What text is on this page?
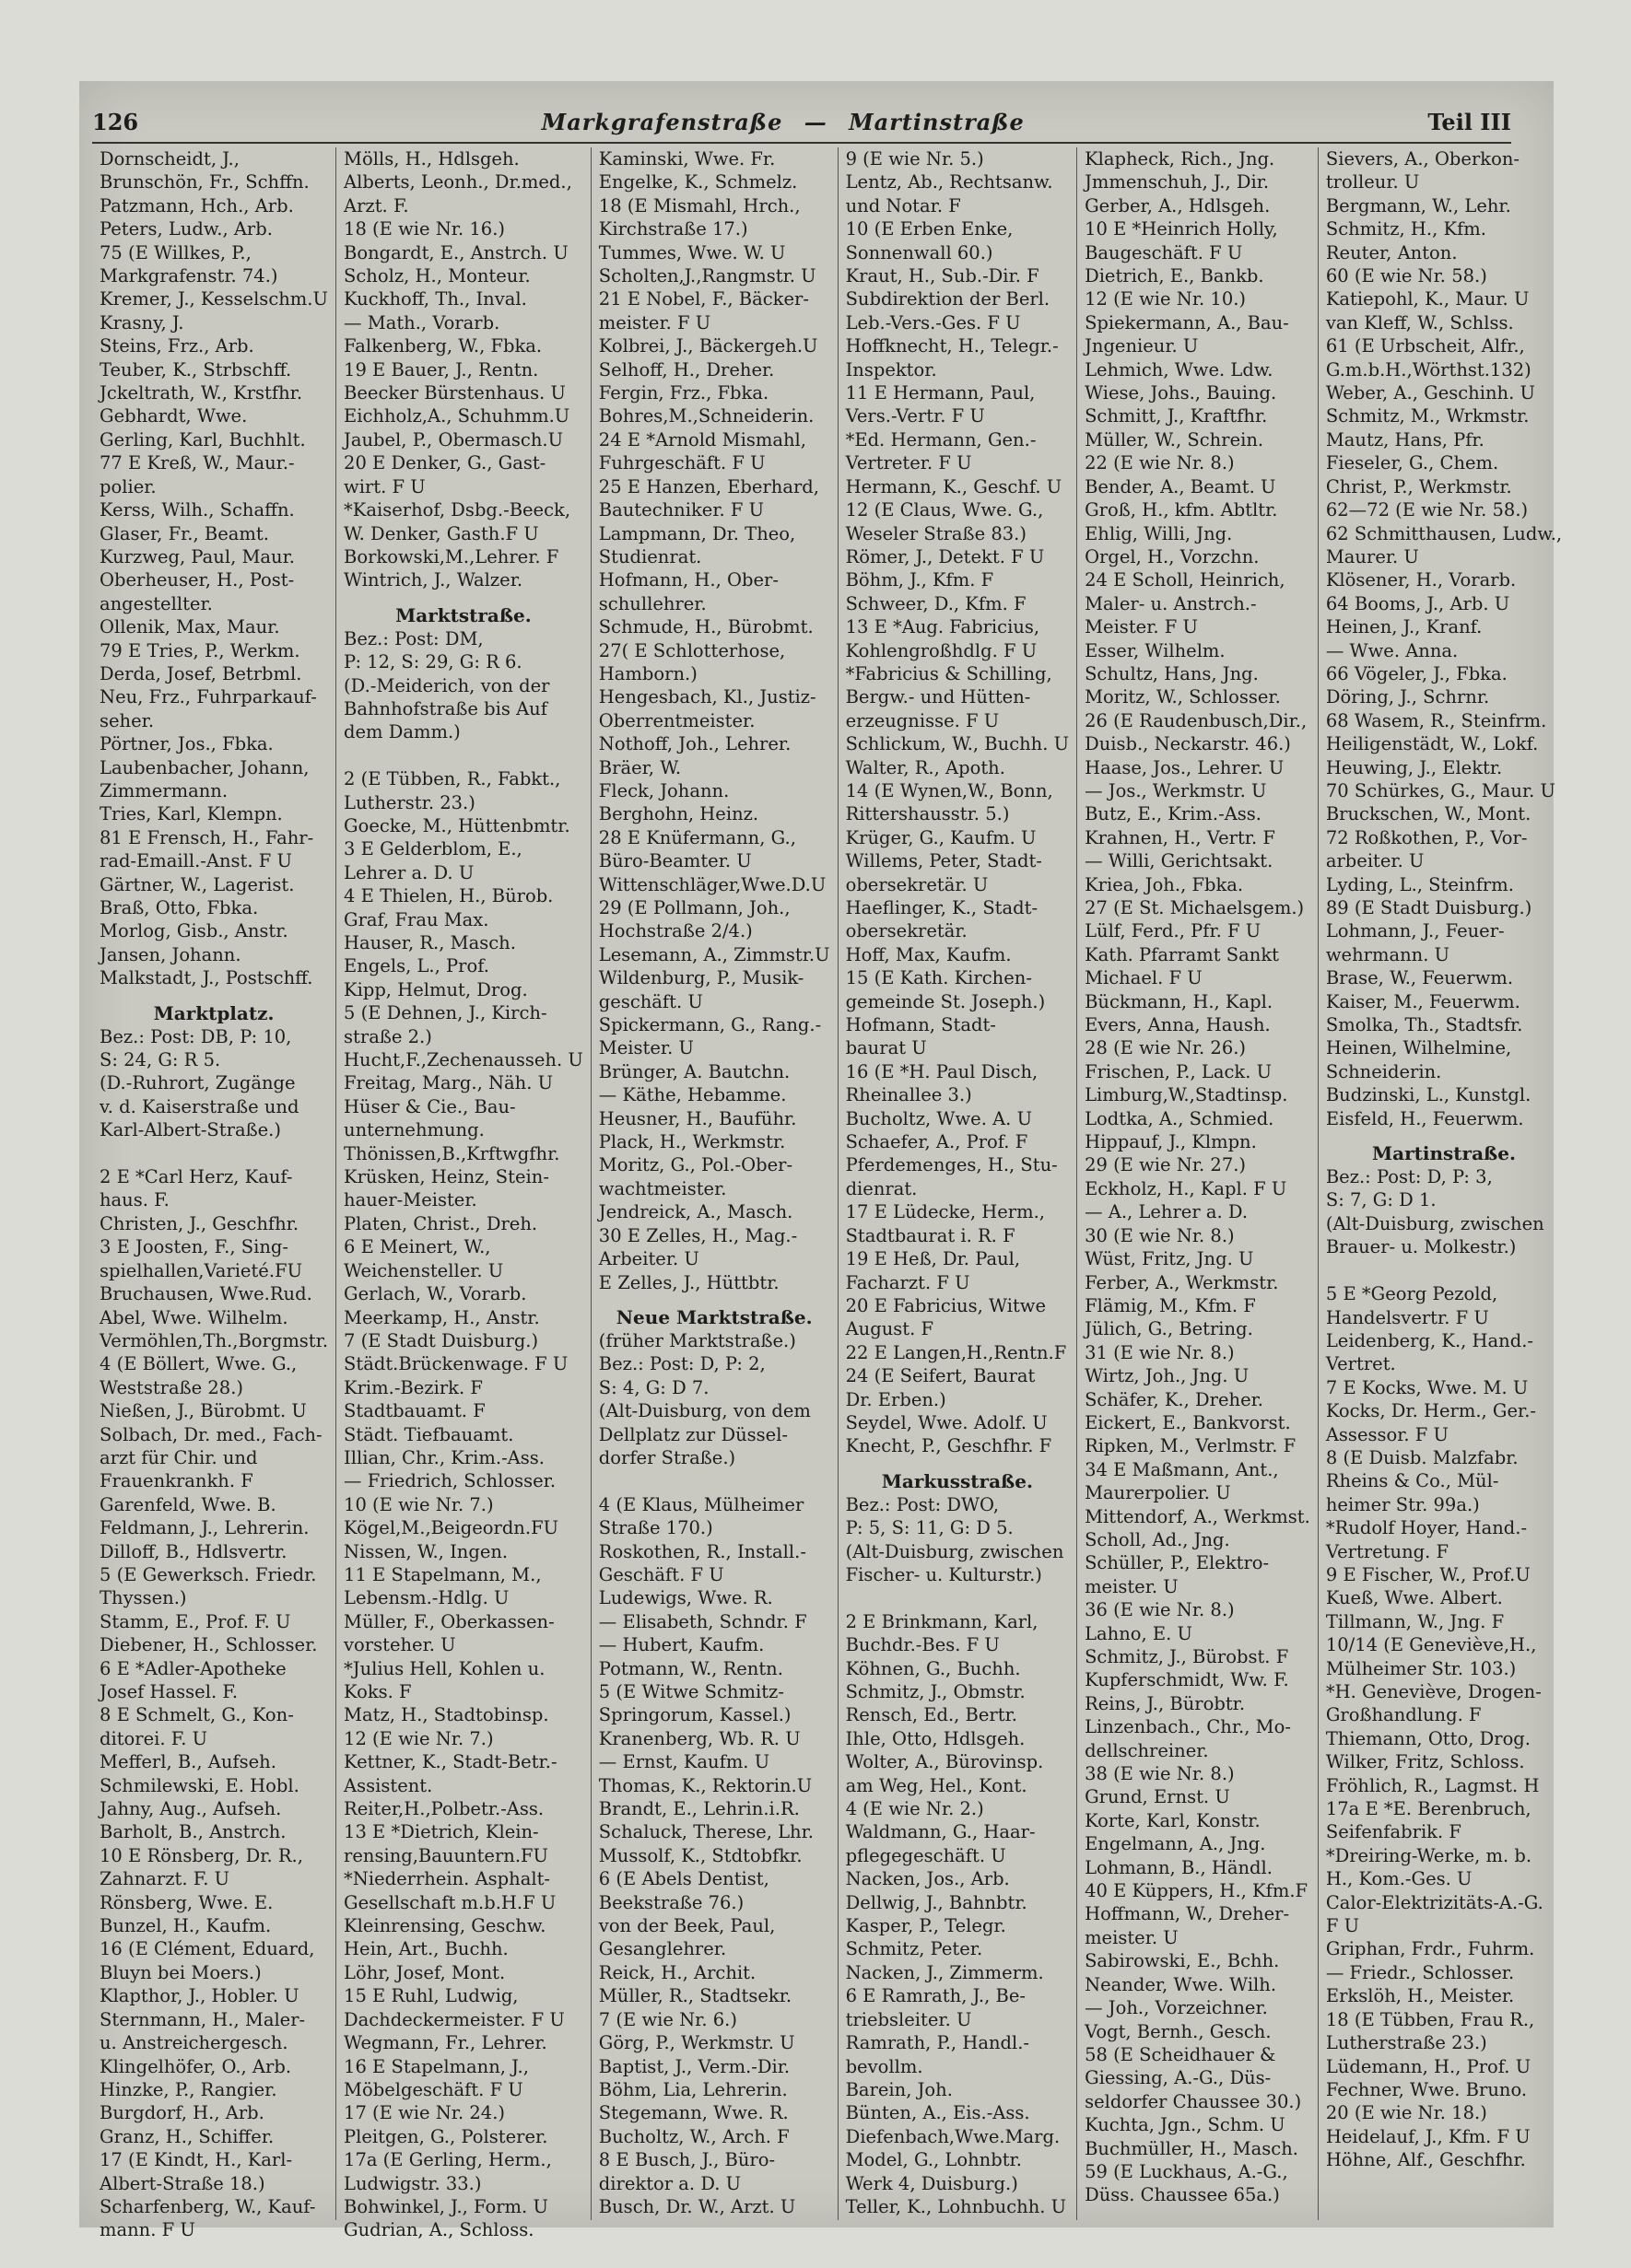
126	Markgrafenstraße — Martinstraße	Teil III
Dornscheidt, J.,
Brunschön, Fr., Schffn.
Patzmann, Hch., Arb.
Peters, Ludw., Arb.
75 (E Willkes, P.,
Markgrafenstr. 74.)
Kremer, J., Kesselschm.U
Krasny, J.
Steins, Frz., Arb.
Teuber, K., Strbschff.
Jckeltrath, W., Krstfhr.
Gebhardt, Wwe.
Gerling, Karl, Buchhlt.
77 E Kreß, W., Maur.-
polier.
Kerss, Wilh., Schaffn.
Glaser, Fr., Beamt.
Kurzweg, Paul, Maur.
Oberheuser, H., Post-
angestellter.
Ollenik, Max, Maur.
79 E Tries, P., Werkm.
Derda, Josef, Betrbml.
Neu, Frz., Fuhrparkauf-
seher.
Pörtner, Jos., Fbka.
Laubenbacher, Johann,
Zimmermann.
Tries, Karl, Klempn.
81 E Frensch, H., Fahr-
rad-Emaill.-Anst. F U
Gärtner, W., Lagerist.
Braß, Otto, Fbka.
Morlog, Gisb., Anstr.
Jansen, Johann.
Malkstadt, J., Postschff.
Marktplatz.
Bez.: Post: DB, P: 10,
S: 24, G: R 5.
(D.-Ruhrort, Zugänge
v. d. Kaiserstraße und
Karl-Albert-Straße.)

2 E *Carl Herz, Kauf-
haus. F.
Christen, J., Geschfhr.
3 E Joosten, F., Sing-
spielhallen,Varieté.FU
Bruchausen, Wwe.Rud.
Abel, Wwe. Wilhelm.
Vermöhlen,Th.,Borgmstr.
4 (E Böllert, Wwe. G.,
Weststraße 28.)
Nießen, J., Bürobmt. U
Solbach, Dr. med., Fach-
arzt für Chir. und
Frauenkrankh. F
Garenfeld, Wwe. B.
Feldmann, J., Lehrerin.
Dilloff, B., Hdlsvertr.
5 (E Gewerksch. Friedr.
Thyssen.)
Stamm, E., Prof. F. U
Diebener, H., Schlosser.
6 E *Adler-Apotheke
Josef Hassel. F.
8 E Schmelt, G., Kon-
ditorei. F. U
Mefferl, B., Aufseh.
Schmilewski, E. Hobl.
Jahny, Aug., Aufseh.
Barholt, B., Anstrch.
10 E Rönsberg, Dr. R.,
Zahnarzt. F. U
Rönsberg, Wwe. E.
Bunzel, H., Kaufm.
16 (E Clément, Eduard,
Bluyn bei Moers.)
Klapthor, J., Hobler. U
Sternmann, H., Maler-
u. Anstreichergesch.
Klingelhöfer, O., Arb.
Hinzke, P., Rangier.
Burgdorf, H., Arb.
Granz, H., Schiffer.
17 (E Kindt, H., Karl-
Albert-Straße 18.)
Scharfenberg, W., Kauf-
mann. F U
Mölls, H., Hdlsgeh.
Alberts, Leonh., Dr.med.,
Arzt. F.
18 (E wie Nr. 16.)
Bongardt, E., Anstrch. U
Scholz, H., Monteur.
Kuckhoff, Th., Inval.
— Math., Vorarb.
Falkenberg, W., Fbka.
19 E Bauer, J., Rentn.
Beecker Bürstenhaus. U
Eichholz,A., Schuhmm.U
Jaubel, P., Obermasch.U
20 E Denker, G., Gast-
wirt. F U
*Kaiserhof, Dsbg.-Beeck,
W. Denker, Gasth.F U
Borkowski,M.,Lehrer. F
Wintrich, J., Walzer.
Marktstraße.
Bez.: Post: DM,
P: 12, S: 29, G: R 6.
(D.-Meiderich, von der
Bahnhofstraße bis Auf
dem Damm.)

2 (E Tübben, R., Fabkt.,
Lutherstr. 23.)
Goecke, M., Hüttenbmtr.
3 E Gelderblom, E.,
Lehrer a. D. U
4 E Thielen, H., Bürob.
Graf, Frau Max.
Hauser, R., Masch.
Engels, L., Prof.
Kipp, Helmut, Drog.
5 (E Dehnen, J., Kirch-
straße 2.)
Hucht,F.,Zechenausseh. U
Freitag, Marg., Näh. U
Hüser & Cie., Bau-
unternehmung.
Thönissen,B.,Krftwgfhr.
Krüsken, Heinz, Stein-
hauer-Meister.
Platen, Christ., Dreh.
6 E Meinert, W.,
Weichensteller. U
Gerlach, W., Vorarb.
Meerkamp, H., Anstr.
7 (E Stadt Duisburg.)
Städt.Brückenwage. F U
Krim.-Bezirk. F
Stadtbauamt. F
Städt. Tiefbauamt.
Illian, Chr., Krim.-Ass.
— Friedrich, Schlosser.
10 (E wie Nr. 7.)
Kögel,M.,Beigeordn.FU
Nissen, W., Ingen.
11 E Stapelmann, M.,
Lebensm.-Hdlg. U
Müller, F., Oberkassen-
vorsteher. U
*Julius Hell, Kohlen u.
Koks. F
Matz, H., Stadtobinsp.
12 (E wie Nr. 7.)
Kettner, K., Stadt-Betr.-
Assistent.
Reiter,H.,Polbetr.-Ass.
13 E *Dietrich, Klein-
rensing,Bauuntern.FU
*Niederrhein. Asphalt-
Gesellschaft m.b.H.F U
Kleinrensing, Geschw.
Hein, Art., Buchh.
Löhr, Josef, Mont.
15 E Ruhl, Ludwig,
Dachdeckermeister. F U
Wegmann, Fr., Lehrer.
16 E Stapelmann, J.,
Möbelgeschäft. F U
17 (E wie Nr. 24.)
Pleitgen, G., Polsterer.
17a (E Gerling, Herm.,
Ludwigstr. 33.)
Bohwinkel, J., Form. U
Gudrian, A., Schloss.
Kaminski, Wwe. Fr.
Engelke, K., Schmelz.
18 (E Mismahl, Hrch.,
Kirchstraße 17.)
Tummes, Wwe. W. U
Scholten,J.,Rangmstr. U
21 E Nobel, F., Bäcker-
meister. F U
Kolbrei, J., Bäckergeh.U
Selhoff, H., Dreher.
Fergin, Frz., Fbka.
Bohres,M.,Schneiderin.
24 E *Arnold Mismahl,
Fuhrgeschäft. F U
25 E Hanzen, Eberhard,
Bautechniker. F U
Lampmann, Dr. Theo,
Studienrat.
Hofmann, H., Ober-
schullehrer.
Schmude, H., Bürobmt.
27( E Schlotterhose,
Hamborn.)
Hengesbach, Kl., Justiz-
Oberrentmeister.
Nothoff, Joh., Lehrer.
Bräer, W.
Fleck, Johann.
Berghohn, Heinz.
28 E Knüfermann, G.,
Büro-Beamter. U
Wittenschläger,Wwe.D.U
29 (E Pollmann, Joh.,
Hochstraße 2/4.)
Lesemann, A., Zimmstr.U
Wildenburg, P., Musik-
geschäft. U
Spickermann, G., Rang.-
Meister. U
Brünger, A. Bautchn.
— Käthe, Hebamme.
Heusner, H., Bauführ.
Plack, H., Werkmstr.
Moritz, G., Pol.-Ober-
wachtmeister.
Jendreick, A., Masch.
30 E Zelles, H., Mag.-
Arbeiter. U
E Zelles, J., Hüttbtr.
Neue Marktstraße.
(früher Marktstraße.)
Bez.: Post: D, P: 2,
S: 4, G: D 7.
(Alt-Duisburg, von dem
Dellplatz zur Düssel-
dorfer Straße.)

4 (E Klaus, Mülheimer
Straße 170.)
Roskothen, R., Install.-
Geschäft. F U
Ludewigs, Wwe. R.
— Elisabeth, Schndr. F
— Hubert, Kaufm.
Potmann, W., Rentn.
5 (E Witwe Schmitz-
Springorum, Kassel.)
Kranenberg, Wb. R. U
— Ernst, Kaufm. U
Thomas, K., Rektorin.U
Brandt, E., Lehrin.i.R.
Schaluck, Therese, Lhr.
Mussolf, K., Stdtobfkr.
6 (E Abels Dentist,
Beekstraße 76.)
von der Beek, Paul,
Gesanglehrer.
Reick, H., Archit.
Müller, R., Stadtsekr.
7 (E wie Nr. 6.)
Görg, P., Werkmstr. U
Baptist, J., Verm.-Dir.
Böhm, Lia, Lehrerin.
Stegemann, Wwe. R.
Bucholtz, W., Arch. F
8 E Busch, J., Büro-
direktor a. D. U
Busch, Dr. W., Arzt. U
9 (E wie Nr. 5.)
Lentz, Ab., Rechtsanw.
und Notar. F
10 (E Erben Enke,
Sonnenwall 60.)
Kraut, H., Sub.-Dir. F
Subdirektion der Berl.
Leb.-Vers.-Ges. F U
Hoffknecht, H., Telegr.-
Inspektor.
11 E Hermann, Paul,
Vers.-Vertr. F U
*Ed. Hermann, Gen.-
Vertreter. F U
Hermann, K., Geschf. U
12 (E Claus, Wwe. G.,
Weseler Straße 83.)
Römer, J., Detekt. F U
Böhm, J., Kfm. F
Schweer, D., Kfm. F
13 E *Aug. Fabricius,
Kohlengroßhdlg. F U
*Fabricius & Schilling,
Bergw.- und Hütten-
erzeugnisse. F U
Schlickum, W., Buchh. U
Walter, R., Apoth.
14 (E Wynen,W., Bonn,
Rittershausstr. 5.)
Krüger, G., Kaufm. U
Willems, Peter, Stadt-
obersekretär. U
Haeflinger, K., Stadt-
obersekretär.
Hoff, Max, Kaufm.
15 (E Kath. Kirchen-
gemeinde St. Joseph.)
Hofmann, Stadt-
baurat U
16 (E *H. Paul Disch,
Rheinallee 3.)
Bucholtz, Wwe. A. U
Schaefer, A., Prof. F
Pferdemenges, H., Stu-
dienrat.
17 E Lüdecke, Herm.,
Stadtbaurat i. R. F
19 E Heß, Dr. Paul,
Facharzt. F U
20 E Fabricius, Witwe
August. F
22 E Langen,H.,Rentn.F
24 (E Seifert, Baurat
Dr. Erben.)
Seydel, Wwe. Adolf. U
Knecht, P., Geschfhr. F
Markusstraße.
Bez.: Post: DWO,
P: 5, S: 11, G: D 5.
(Alt-Duisburg, zwischen
Fischer- u. Kulturstr.)

2 E Brinkmann, Karl,
Buchdr.-Bes. F U
Köhnen, G., Buchh.
Schmitz, J., Obmstr.
Rensch, Ed., Bertr.
Ihle, Otto, Hdlsgeh.
Wolter, A., Bürovinsp.
am Weg, Hel., Kont.
4 (E wie Nr. 2.)
Waldmann, G., Haar-
pflegegeschäft. U
Nacken, Jos., Arb.
Dellwig, J., Bahnbtr.
Kasper, P., Telegr.
Schmitz, Peter.
Nacken, J., Zimmerm.
6 E Ramrath, J., Be-
triebsleiter. U
Ramrath, P., Handl.-
bevollm.
Barein, Joh.
Bünten, A., Eis.-Ass.
Diefenbach,Wwe.Marg.
Model, G., Lohnbtr.
Werk 4, Duisburg.)
Teller, K., Lohnbuchh. U
Klapheck, Rich., Jng.
Jmmenschuh, J., Dir.
Gerber, A., Hdlsgeh.
10 E *Heinrich Holly,
Baugeschäft. F U
Dietrich, E., Bankb.
12 (E wie Nr. 10.)
Spiekermann, A., Bau-
Jngenieur. U
Lehmich, Wwe. Ldw.
Wiese, Johs., Bauing.
Schmitt, J., Kraftfhr.
Müller, W., Schrein.
22 (E wie Nr. 8.)
Bender, A., Beamt. U
Groß, H., kfm. Abtltr.
Ehlig, Willi, Jng.
Orgel, H., Vorzchn.
24 E Scholl, Heinrich,
Maler- u. Anstrch.-
Meister. F U
Esser, Wilhelm.
Schultz, Hans, Jng.
Moritz, W., Schlosser.
26 (E Raudenbusch,Dir.,
Duisb., Neckarstr. 46.)
Haase, Jos., Lehrer. U
— Jos., Werkmstr. U
Butz, E., Krim.-Ass.
Krahnen, H., Vertr. F
— Willi, Gerichtsakt.
Kriea, Joh., Fbka.
27 (E St. Michaelsgem.)
Lülf, Ferd., Pfr. F U
Kath. Pfarramt Sankt
Michael. F U
Bückmann, H., Kapl.
Evers, Anna, Haush.
28 (E wie Nr. 26.)
Frischen, P., Lack. U
Limburg,W.,Stadtinsp.
Lodtka, A., Schmied.
Hippauf, J., Klmpn.
29 (E wie Nr. 27.)
Eckholz, H., Kapl. F U
— A., Lehrer a. D.
30 (E wie Nr. 8.)
Wüst, Fritz, Jng. U
Ferber, A., Werkmstr.
Flämig, M., Kfm. F
Jülich, G., Betring.
31 (E wie Nr. 8.)
Wirtz, Joh., Jng. U
Schäfer, K., Dreher.
Eickert, E., Bankvorst.
Ripken, M., Verlmstr. F
34 E Maßmann, Ant.,
Maurerpolier. U
Mittendorf, A., Werkmst.
Scholl, Ad., Jng.
Schüller, P., Elektro-
meister. U
36 (E wie Nr. 8.)
Lahno, E. U
Schmitz, J., Bürobst. F
Kupferschmidt, Ww. F.
Reins, J., Bürobtr.
Linzenbach., Chr., Mo-
dellschreiner.
38 (E wie Nr. 8.)
Grund, Ernst. U
Korte, Karl, Konstr.
Engelmann, A., Jng.
Lohmann, B., Händl.
40 E Küppers, H., Kfm.F
Hoffmann, W., Dreher-
meister. U
Sabirowski, E., Bchh.
Neander, Wwe. Wilh.
— Joh., Vorzeichner.
Vogt, Bernh., Gesch.
58 (E Scheidhauer &
Giessing, A.-G., Düs-
seldorfer Chaussee 30.)
Kuchta, Jgn., Schm. U
Buchmüller, H., Masch.
59 (E Luckhaus, A.-G.,
Düss. Chaussee 65a.)
Sievers, A., Oberkon-
trolleur. U
Bergmann, W., Lehr.
Schmitz, H., Kfm.
Reuter, Anton.
60 (E wie Nr. 58.)
Katiepohl, K., Maur. U
van Kleff, W., Schlss.
61 (E Urbscheit, Alfr.,
G.m.b.H.,Wörthst.132)
Weber, A., Geschinh. U
Schmitz, M., Wrkmstr.
Mautz, Hans, Pfr.
Fieseler, G., Chem.
Christ, P., Werkmstr.
62—72 (E wie Nr. 58.)
62 Schmitthausen, Ludw.,
Maurer. U
Klösener, H., Vorarb.
64 Booms, J., Arb. U
Heinen, J., Kranf.
— Wwe. Anna.
66 Vögeler, J., Fbka.
Döring, J., Schrnr.
68 Wasem, R., Steinfrm.
Heiligenstädt, W., Lokf.
Heuwing, J., Elektr.
70 Schürkes, G., Maur. U
Bruckschen, W., Mont.
72 Roßkothen, P., Vor-
arbeiter. U
Lyding, L., Steinfrm.
89 (E Stadt Duisburg.)
Lohmann, J., Feuer-
wehrmann. U
Brase, W., Feuerwm.
Kaiser, M., Feuerwm.
Smolka, Th., Stadtsfr.
Heinen, Wilhelmine,
Schneiderin.
Budzinski, L., Kunstgl.
Eisfeld, H., Feuerwm.
Martinstraße.
Bez.: Post: D, P: 3,
S: 7, G: D 1.
(Alt-Duisburg, zwischen
Brauer- u. Molkestr.)

5 E *Georg Pezold,
Handelsvertr. F U
Leidenberg, K., Hand.-
Vertret.
7 E Kocks, Wwe. M. U
Kocks, Dr. Herm., Ger.-
Assessor. F U
8 (E Duisb. Malzfabr.
Rheins & Co., Mül-
heimer Str. 99a.)
*Rudolf Hoyer, Hand.-
Vertretung. F
9 E Fischer, W., Prof.U
Kueß, Wwe. Albert.
Tillmann, W., Jng. F
10/14 (E Geneviève,H.,
Mülheimer Str. 103.)
*H. Geneviève, Drogen-
Großhandlung. F
Thiemann, Otto, Drog.
Wilker, Fritz, Schloss.
Fröhlich, R., Lagmst. H
17a E *E. Berenbruch,
Seifenfabrik. F
*Dreiring-Werke, m. b.
H., Kom.-Ges. U
Calor-Elektrizitäts-A.-G.
F U
Griphan, Frdr., Fuhrm.
— Friedr., Schlosser.
Erkslöh, H., Meister.
18 (E Tübben, Frau R.,
Lutherstraße 23.)
Lüdemann, H., Prof. U
Fechner, Wwe. Bruno.
20 (E wie Nr. 18.)
Heidelauf, J., Kfm. F U
Höhne, Alf., Geschfhr.
